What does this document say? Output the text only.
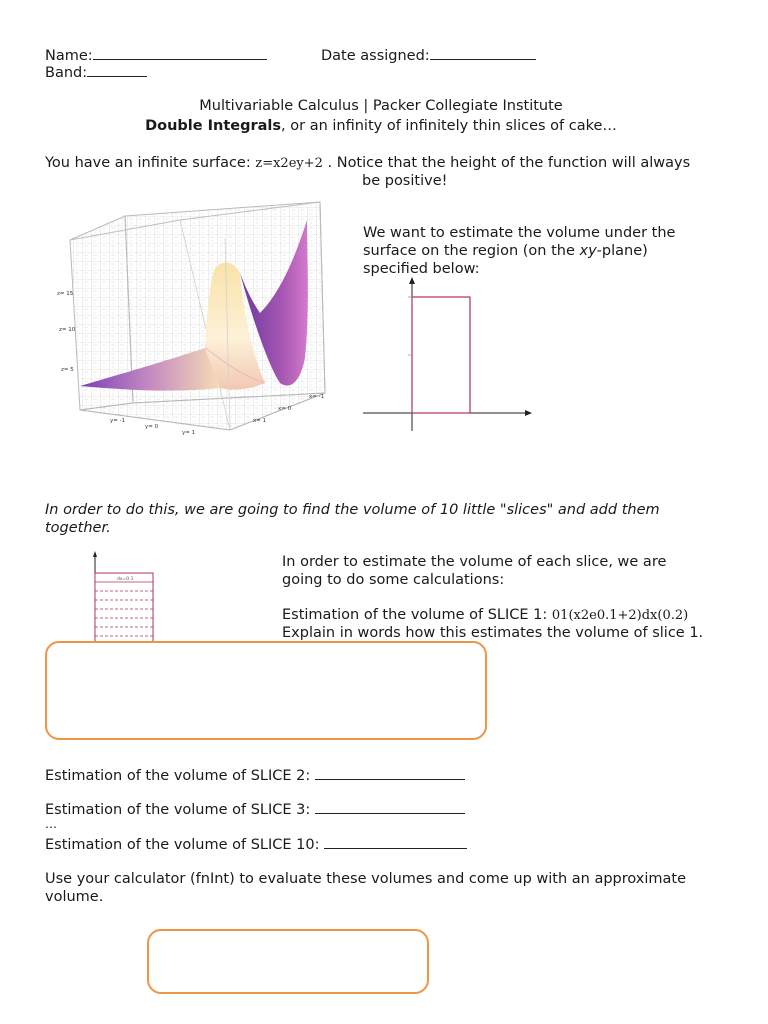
Name:	Date assigned:
Band:
Multivariable Calculus | Packer Collegiate Institute
Double Integrals, or an infinity of infinitely thin slices of cake…
You have an infinite surface: z=x2ey+2 . Notice that the height of the function will always
be positive!
z= 15
z= 10
z= 5
y= -1
y= 0
y= 1
x= -1
x= 0
x= 1
We want to estimate the volume under the
surface on the region (on the xy-plane)
specified below:
In order to do this, we are going to find the volume of 10 little "slices" and add them
together.
dx=0.1
In order to estimate the volume of each slice, we are
going to do some calculations:
Estimation of the volume of SLICE 1: 01(x2e0.1+2)dx(0.2)
Explain in words how this estimates the volume of slice 1.
Estimation of the volume of SLICE 2:
Estimation of the volume of SLICE 3:
…
Estimation of the volume of SLICE 10:
Use your calculator (fnInt) to evaluate these volumes and come up with an approximate
volume.
